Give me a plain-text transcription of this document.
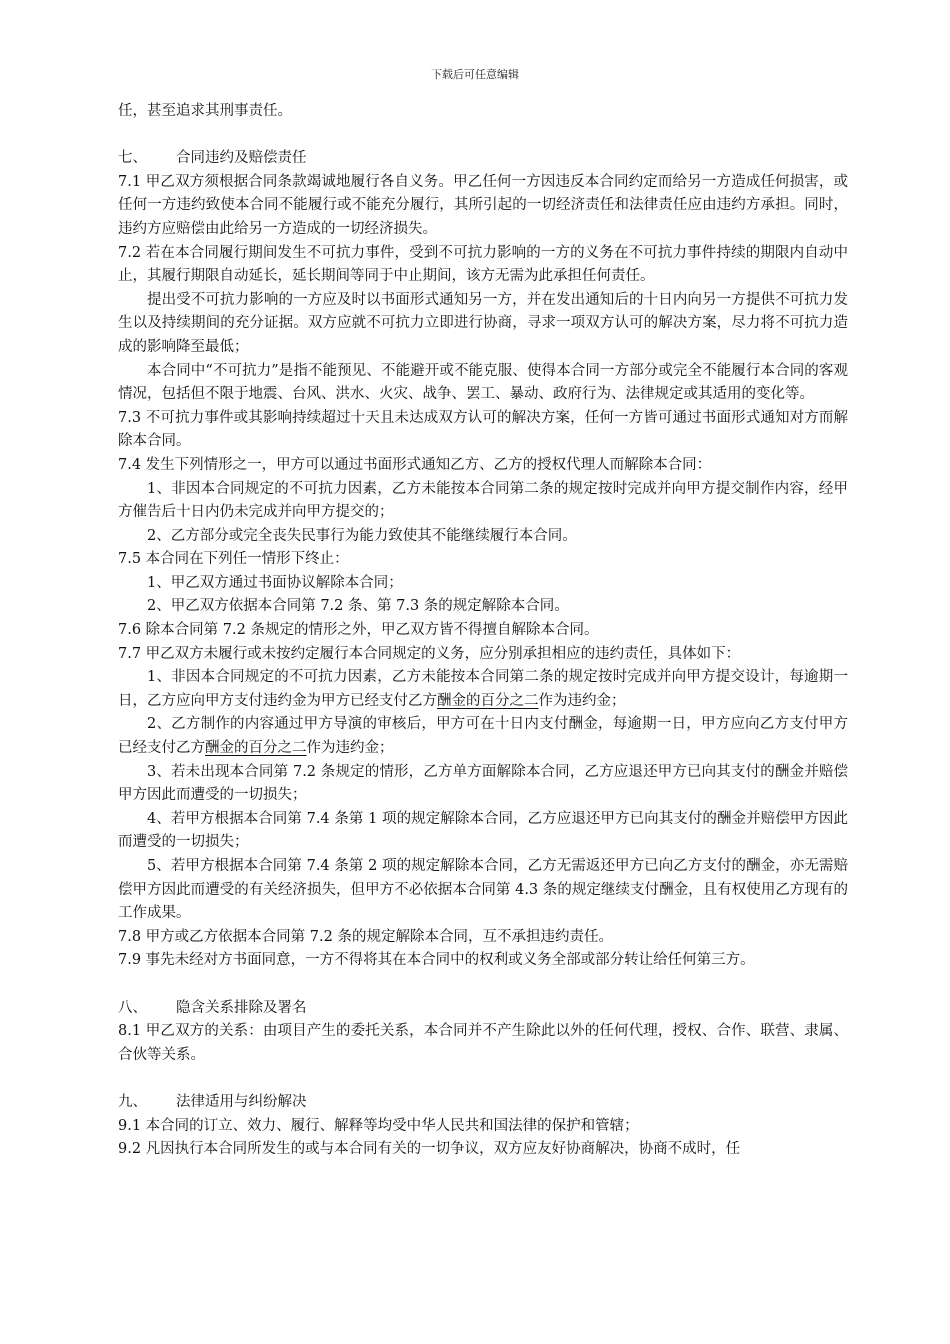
下载后可任意编辑

任，甚至追求其刑事责任。

七、	合同违约及赔偿责任

7.1 甲乙双方须根据合同条款竭诚地履行各自义务。甲乙任何一方因违反本合同约定而给另一方造成任何损害，或任何一方违约致使本合同不能履行或不能充分履行，其所引起的一切经济责任和法律责任应由违约方承担。同时，违约方应赔偿由此给另一方造成的一切经济损失。

7.2 若在本合同履行期间发生不可抗力事件，受到不可抗力影响的一方的义务在不可抗力事件持续的期限内自动中止，其履行期限自动延长，延长期间等同于中止期间，该方无需为此承担任何责任。

提出受不可抗力影响的一方应及时以书面形式通知另一方，并在发出通知后的十日内向另一方提供不可抗力发生以及持续期间的充分证据。双方应就不可抗力立即进行协商，寻求一项双方认可的解决方案，尽力将不可抗力造成的影响降至最低；

本合同中“不可抗力”是指不能预见、不能避开或不能克服、使得本合同一方部分或完全不能履行本合同的客观情况，包括但不限于地震、台风、洪水、火灾、战争、罢工、暴动、政府行为、法律规定或其适用的变化等。

7.3 不可抗力事件或其影响持续超过十天且未达成双方认可的解决方案，任何一方皆可通过书面形式通知对方而解除本合同。

7.4 发生下列情形之一，甲方可以通过书面形式通知乙方、乙方的授权代理人而解除本合同：

1、非因本合同规定的不可抗力因素，乙方未能按本合同第二条的规定按时完成并向甲方提交制作内容，经甲方催告后十日内仍未完成并向甲方提交的；

2、乙方部分或完全丧失民事行为能力致使其不能继续履行本合同。

7.5 本合同在下列任一情形下终止：

1、甲乙双方通过书面协议解除本合同；

2、甲乙双方依据本合同第 7.2 条、第 7.3 条的规定解除本合同。

7.6 除本合同第 7.2 条规定的情形之外，甲乙双方皆不得擅自解除本合同。

7.7 甲乙双方未履行或未按约定履行本合同规定的义务，应分别承担相应的违约责任，具体如下：

1、非因本合同规定的不可抗力因素，乙方未能按本合同第二条的规定按时完成并向甲方提交设计，每逾期一日，乙方应向甲方支付违约金为甲方已经支付乙方酬金的百分之二作为违约金；

2、乙方制作的内容通过甲方导演的审核后，甲方可在十日内支付酬金，每逾期一日，甲方应向乙方支付甲方已经支付乙方酬金的百分之二作为违约金；

3、若未出现本合同第 7.2 条规定的情形，乙方单方面解除本合同，乙方应退还甲方已向其支付的酬金并赔偿甲方因此而遭受的一切损失；

4、若甲方根据本合同第 7.4 条第 1 项的规定解除本合同，乙方应退还甲方已向其支付的酬金并赔偿甲方因此而遭受的一切损失；

5、若甲方根据本合同第 7.4 条第 2 项的规定解除本合同，乙方无需返还甲方已向乙方支付的酬金，亦无需赔偿甲方因此而遭受的有关经济损失，但甲方不必依据本合同第 4.3 条的规定继续支付酬金，且有权使用乙方现有的工作成果。

7.8 甲方或乙方依据本合同第 7.2 条的规定解除本合同，互不承担违约责任。

7.9 事先未经对方书面同意，一方不得将其在本合同中的权利或义务全部或部分转让给任何第三方。

八、	隐含关系排除及署名

8.1 甲乙双方的关系：由项目产生的委托关系，本合同并不产生除此以外的任何代理，授权、合作、联营、隶属、合伙等关系。

九、	法律适用与纠纷解决

9.1 本合同的订立、效力、履行、解释等均受中华人民共和国法律的保护和管辖；

9.2 凡因执行本合同所发生的或与本合同有关的一切争议，双方应友好协商解决，协商不成时，任
